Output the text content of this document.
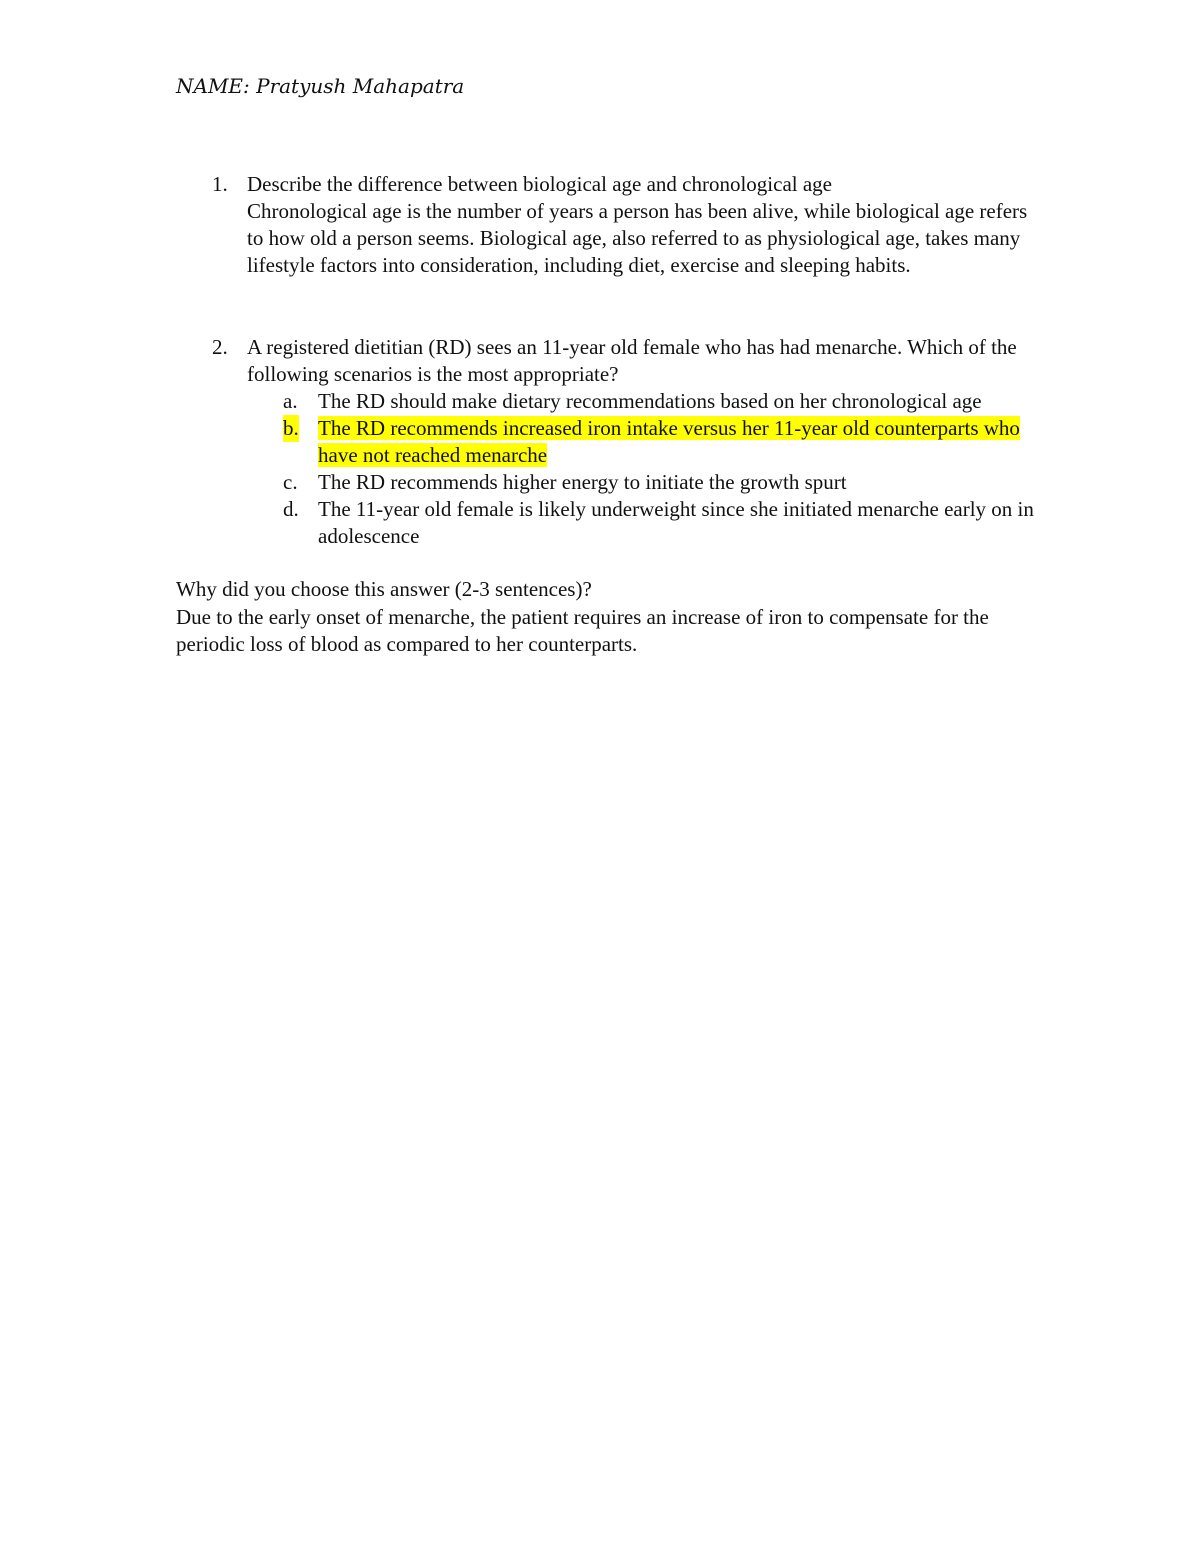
NAME: Pratyush Mahapatra
1. Describe the difference between biological age and chronological age

Chronological age is the number of years a person has been alive, while biological age refers to how old a person seems. Biological age, also referred to as physiological age, takes many lifestyle factors into consideration, including diet, exercise and sleeping habits.

2. A registered dietitian (RD) sees an 11-year old female who has had menarche. Which of the following scenarios is the most appropriate?

a. The RD should make dietary recommendations based on her chronological age
b. The RD recommends increased iron intake versus her 11-year old counterparts who have not reached menarche
c. The RD recommends higher energy to initiate the growth spurt
d. The 11-year old female is likely underweight since she initiated menarche early on in adolescence

Why did you choose this answer (2-3 sentences)?

Due to the early onset of menarche, the patient requires an increase of iron to compensate for the periodic loss of blood as compared to her counterparts.
